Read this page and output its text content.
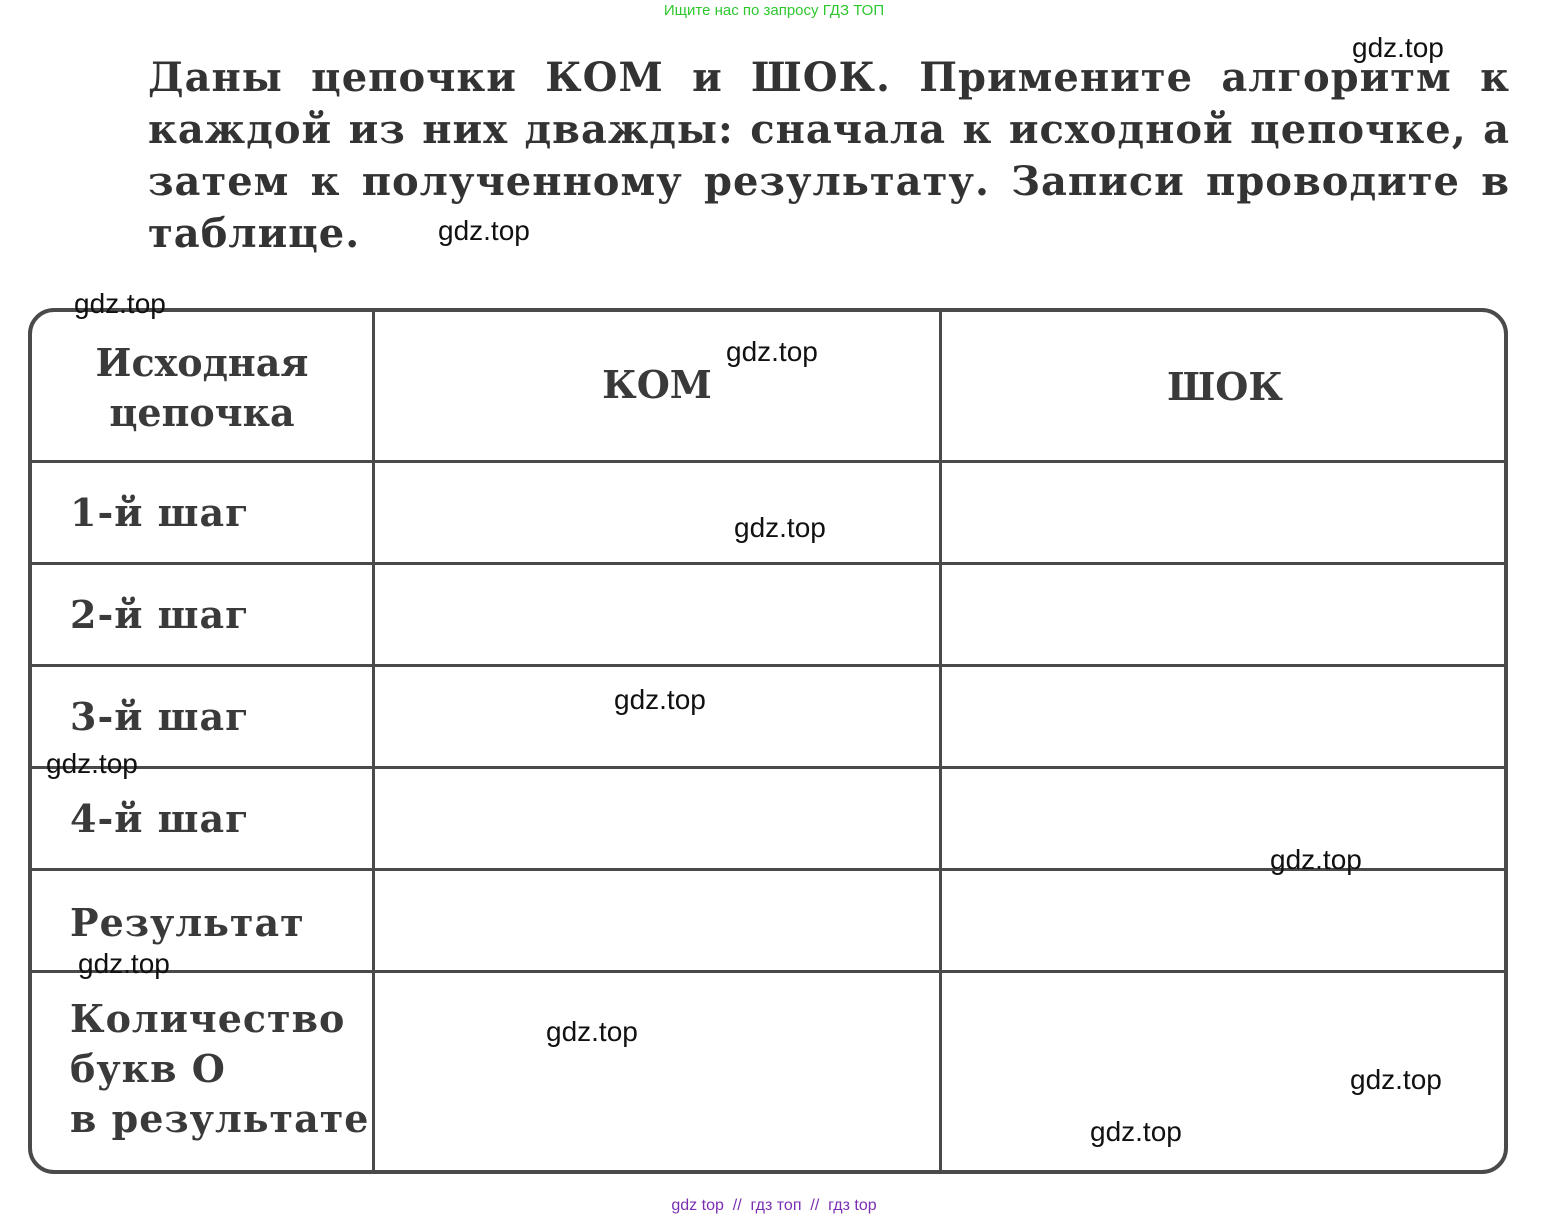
Ищите нас по запросу ГДЗ ТОП
Даны цепочки КОМ и ШОК. Примените алгоритм к каждой из них дважды: сначала к исходной цепочке, а затем к полученному результату. Записи проводите в таблице.
Исходная
цепочка
КОМ	ШОК
1-й шаг
2-й шаг
3-й шаг
4-й шаг
Результат
Количество
букв О
в результате
gdz.top
gdz.top
gdz.top
gdz.top
gdz.top
gdz.top
gdz.top
gdz.top
gdz.top
gdz.top
gdz.top
gdz.top
gdz top  //  гдз топ  //  гдз top
